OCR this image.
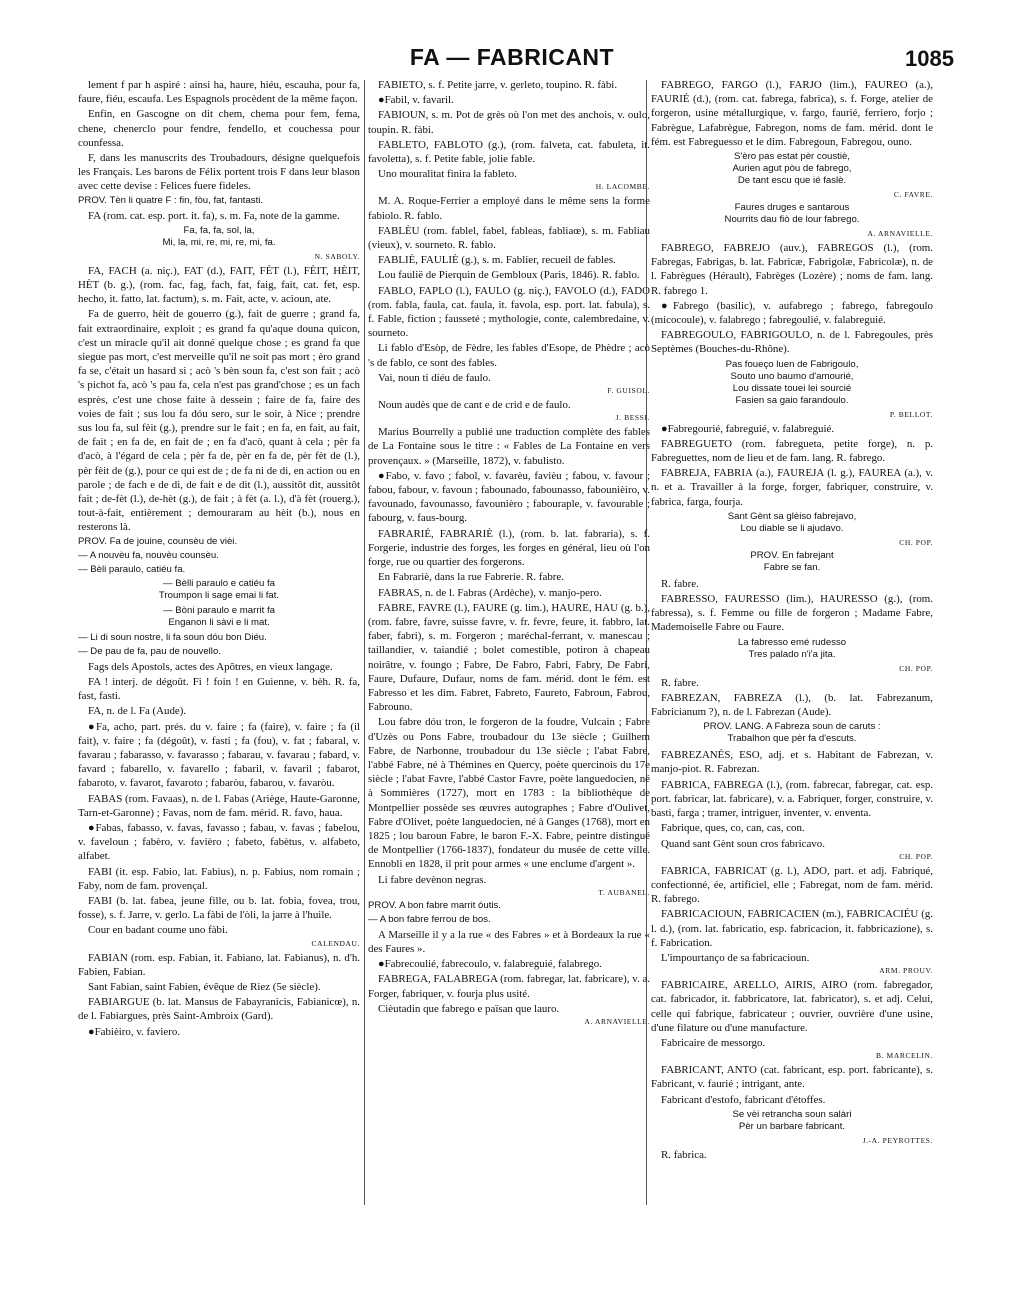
FA — FABRICANT	1085

lement f par h aspiré : ainsi ha, haure, hiéu, escauha, pour fa, faure, fiéu, escaufa. Les Espagnols procèdent de la même façon.

Enfin, en Gascogne on dit chem, chema pour fem, fema, chene, chenerclo pour fendre, fendello, et couchessa pour counfessa.

F, dans les manuscrits des Troubadours, désigne quelquefois les Français. Les barons de Félix portent trois F dans leur blason avec cette devise : Felices fuere fideles.

PROV. Tèn li quatre F : fin, fòu, fat, fantasti.

FA (rom. cat. esp. port. it. fa), s. m. Fa, note de la gamme.

Fa, fa, fa, sol, la,
Mi, la, mi, re, mi, re, mi, fa.
N. SABOLY.

FA, FACH (a. niç.), FAT (d.), FAIT, FÈT (l.), FÈIT, HÈIT, HÈT (b. g.), (rom. fac, fag, fach, fat, faig, fait, cat. fet, esp. hecho, it. fatto, lat. factum), s. m. Fait, acte, v. acioun, ate.

Fa de guerro, hèit de gouerro (g.), fait de guerre ; grand fa, fait extraordinaire, exploit ; es grand fa qu'aque douna quicon, c'est un miracle qu'il ait donné quelque chose ; es grand fa que siegue pas mort, c'est merveille qu'il ne soit pas mort ; èro grand fa se, c'était un hasard si ; acò 's bèn soun fa, c'est son fait ; acò 's pichot fa, acò 's pau fa, cela n'est pas grand'chose ; es un fach esprès, c'est une chose faite à dessein ; faire de fa, faire des voies de fait ; sus lou fa dóu sero, sur le soir, à Nice ; prendre sus lou fa, sul fèit (g.), prendre sur le fait ; en fa, en fait, au fait, de fait ; en fa de, en fait de ; en fa d'acò, quant à cela ; pèr fa d'acò, à l'égard de cela ; pèr fa de, pèr en fa de, pèr fèt de (l.), pèr fèit de (g.), pour ce qui est de ; de fa ni de di, en action ou en parole ; de fach e de di, de fait e de dit (l.), aussitôt dit, aussitôt fait ; de-fèt (l.), de-hèt (g.), de fait ; à fèt (a. l.), d'à fèt (rouerg.), tout-à-fait, entièrement ; demouraram au hèit (b.), nous en resterons là.

PROV. Fa de jouine, counsèu de vièi.
— A nouvèu fa, nouvèu counsèu.
— Bèli paraulo, catiéu fa.
— Bèlli paraulo e catiéu fa
Troumpon li sage emai li fat.
— Bòni paraulo e marrit fa
Enganon li sàvi e li mat.
— Li di soun nostre, li fa soun dóu bon Diéu.
— De pau de fa, pau de nouvello.

Fags dels Apostols, actes des Apôtres, en vieux langage.

FA ! interj. de dégoût. Fi ! foin ! en Guienne, v. bèh. R. fa, fast, fasti.

FA, n. de l. Fa (Aude).

●Fa, acho, part. prés. du v. faire ; fa (faire), v. faire ; fa (il fait), v. faire ; fa (dégoût), v. fasti ; fa (fou), v. fat ; fabaral, v. favarau ; fabarasso, v. favarasso ; fabarau, v. favarau ; fabard, v. favard ; fabarello, v. favarello ; fabaril, v. favaril ; fabarot, fabaroto, v. favarot, favaroto ; fabaròu, fabarou, v. favaròu.

FABAS (rom. Favaas), n. de l. Fabas (Ariège, Haute-Garonne, Tarn-et-Garonne) ; Favas, nom de fam. mérid. R. favo, haua.

●Fabas, fabasso, v. favas, favasso ; fabau, v. favas ; fabelou, v. faveloun ; fabèro, v. favièro ; fabeto, fabètus, v. alfabeto, alfabet.

FABI (it. esp. Fabio, lat. Fabius), n. p. Fabius, nom romain ; Faby, nom de fam. provençal.

FABI (b. lat. fabea, jeune fille, ou b. lat. fobia, fovea, trou, fosse), s. f. Jarre, v. gerlo. La fàbi de l'òli, la jarre à l'huile.

Cour en badant coume uno fàbi.

CALENDAU.

FABIAN (rom. esp. Fabian, it. Fabiano, lat. Fabianus), n. d'h. Fabien, Fabian.

Sant Fabian, saint Fabien, évêque de Riez (5e siècle).

FABIARGUE (b. lat. Mansus de Fabayranicis, Fabianicœ), n. de l. Fabiargues, près Saint-Ambroix (Gard).

●Fabièiro, v. faviero.

FABIETO, s. f. Petite jarre, v. gerleto, toupino. R. fàbi.

●Fabil, v. favaril.

FABIOUN, s. m. Pot de grès où l'on met des anchois, v. oulo, toupin. R. fàbi.

FABLETO, FABLOTO (g.), (rom. falveta, cat. fabuleta, it. favoletta), s. f. Petite fable, jolie fable.

Uno mouralitat finira la fableto.

H. LACOMBE.

M. A. Roque-Ferrier a employé dans le même sens la forme fabiolo. R. fablo.

FABLÈU (rom. fablel, fabel, fableas, fabliaœ), s. m. Fabliau (vieux), v. sourneto. R. fablo.

FABLIÉ, FAULIÈ (g.), s. m. Fablier, recueil de fables.

Lou faulië de Pierquin de Gembloux (Paris, 1846). R. fablo.

FABLO, FAPLO (l.), FAULO (g. niç.), FAVOLO (d.), FADO (rom. fabla, faula, cat. faula, it. favola, esp. port. lat. fabula), s. f. Fable, fiction ; fausseté ; mythologie, conte, calembredaine, v. sourneto.

Li fablo d'Esòp, de Fèdre, les fables d'Esope, de Phèdre ; acò 's de fablo, ce sont des fables.

Vai, noun ti diéu de faulo.

F. GUISOL.

Noun audès que de cant e de crid e de faulo.

J. BESSI.

Marius Bourrelly a publié une traduction complète des fables de La Fontaine sous le titre : « Fables de La Fontaine en vers provençaux. » (Marseille, 1872), v. fabulisto.

●Fabo, v. favo ; fabol, v. favarèu, favièu ; fabou, v. favour ; fabou, fabour, v. favoun ; fabounado, fabounasso, fabounièiro, v. favounado, favounasso, favounièro ; fabouraple, v. favourable ; fabourg, v. faus-bourg.

FABRARIÉ, FABRARIÈ (l.), (rom. b. lat. fabraria), s. f. Forgerie, industrie des forges, les forges en général, lieu où l'on forge, rue ou quartier des forgerons.

En Fabrariè, dans la rue Fabrerie. R. fabre.

FABRAS, n. de l. Fabras (Ardèche), v. manjo-pero.

FABRE, FAVRE (l.), FAURE (g. lim.), HAURE, HAU (g. b.), (rom. fabre, favre, suisse favre, v. fr. fevre, feure, it. fabbro, lat. faber, fabri), s. m. Forgeron ; maréchal-ferrant, v. manescau ; taillandier, v. taiandié ; bolet comestible, potiron à chapeau noirâtre, v. foungo ; Fabre, De Fabro, Fabri, Fabry, De Fabri, Faure, Dufaure, Dufaur, noms de fam. mérid. dont le fém. est Fabresso et les dim. Fabret, Fabreto, Faureto, Fabroun, Fabrou, Fabrouno.

Lou fabre dóu tron, le forgeron de la foudre, Vulcain ; Fabre d'Uzès ou Pons Fabre, troubadour du 13e siècle ; Guilhem Fabre, de Narbonne, troubadour du 13e siècle ; l'abat Fabre, l'abbé Fabre, né à Thémines en Quercy, poète quercinois du 17e siècle ; l'abat Favre, l'abbé Castor Favre, poète languedocien, né à Sommières (1727), mort en 1783 : la bibliothèque de Montpellier possède ses œuvres autographes ; Fabre d'Oulivet, Fabre d'Olivet, poète languedocien, né à Ganges (1768), mort en 1825 ; lou baroun Fabre, le baron F.-X. Fabre, peintre distingué de Montpellier (1766-1837), fondateur du musée de cette ville. Ennobli en 1828, il prit pour armes « une enclume d'argent ».

Li fabre devènon negras.

T. AUBANEL.
PROV. A bon fabre marrit óutis.
— A bon fabre ferrou de bos.

A Marseille il y a la rue « des Fabres » et à Bordeaux la rue « des Faures ».

●Fabrecoulié, fabrecoulo, v. falabreguié, falabrego.

FABREGA, FALABREGA (rom. fabregar, lat. fabricare), v. a. Forger, fabriquer, v. fourja plus usité.

Cièutadin que fabrego e païsan que lauro.

A. ARNAVIELLE.

FABREGO, FARGO (l.), FARJO (lim.), FAUREO (a.), FAURIÉ (d.), (rom. cat. fabrega, fabrica), s. f. Forge, atelier de forgeron, usine métallurgique, v. fargo, faurié, ferriero, forjo ; Fabrègue, Lafabrègue, Fabregon, noms de fam. mérid. dont le fém. est Fabreguesso et le dim. Fabregoun, Fabregou, ouno.

S'èro pas estat pèr coustiè,
Aurien agut pòu de fabrego,
De tant escu que ié faslè.
C. FAVRE.
Faures druges e santarous
Nourrits dau fiò de lour fabrego.
A. ARNAVIELLE.

FABREGO, FABREJO (auv.), FABREGOS (l.), (rom. Fabregas, Fabrigas, b. lat. Fabricæ, Fabrigolæ, Fabricolæ), n. de l. Fabrègues (Hérault), Fabrèges (Lozère) ; noms de fam. lang. R. fabrego 1.

●Fabrego (basilic), v. aufabrego ; fabrego, fabregoulo (micocoule), v. falabrego ; fabregoulié, v. falabreguié.

FABREGOULO, FABRIGOULO, n. de l. Fabregoules, près Septèmes (Bouches-du-Rhône).

Pas foueço luen de Fabrigoulo,
Souto uno baumo d'amourié,
Lou dissate touei lei sourcié
Fasien sa gaio farandoulo.
P. BELLOT.

●Fabregourié, fabreguié, v. falabreguié.

FABREGUETO (rom. fabregueta, petite forge), n. p. Fabreguettes, nom de lieu et de fam. lang. R. fabrego.

FABREJA, FABRIA (a.), FAUREJA (l. g.), FAUREA (a.), v. n. et a. Travailler à la forge, forger, fabriquer, construire, v. fabrica, farga, fourja.

Sant Gènt sa glèiso fabrejavo,
Lou diable se li ajudavo.
CH. POP.
PROV. En fabrejant
Fabre se fan.

R. fabre.

FABRESSO, FAURESSO (lim.), HAURESSO (g.), (rom. fabressa), s. f. Femme ou fille de forgeron ; Madame Fabre, Mademoiselle Fabre ou Faure.

La fabresso emé rudesso
Tres palado n'i'a jita.
CH. POP.

R. fabre.

FABREZAN, FABREZA (l.), (b. lat. Fabrezanum, Fabricianum ?), n. de l. Fabrezan (Aude).

PROV. LANG. A Fabreza soun de caruts :
Trabalhon que pèr fa d'escuts.

FABREZANÉS, ESO, adj. et s. Habitant de Fabrezan, v. manjo-piot. R. Fabrezan.

FABRICA, FABREGA (l.), (rom. fabrecar, fabregar, cat. esp. port. fabricar, lat. fabricare), v. a. Fabriquer, forger, construire, v. basti, farga ; tramer, intriguer, inventer, v. enventa.

Fabrique, ques, co, can, cas, con.

Quand sant Gènt soun cros fabricavo.

CH. POP.

FABRICA, FABRICAT (g. l.), ADO, part. et adj. Fabriqué, confectionné, ée, artificiel, elle ; Fabregat, nom de fam. mérid. R. fabrego.

FABRICACIOUN, FABRICACIEN (m.), FABRICACIÉU (g. l. d.), (rom. lat. fabricatio, esp. fabricacion, it. fabbricazione), s. f. Fabrication.

L'impourtanço de sa fabricacioun.

ARM. PROUV.

FABRICAIRE, ARELLO, AIRIS, AIRO (rom. fabregador, cat. fabricador, it. fabbricatore, lat. fabricator), s. et adj. Celui, celle qui fabrique, fabricateur ; ouvrier, ouvrière d'une usine, d'une filature ou d'une manufacture.

Fabricaire de messorgo.

B. MARCELIN.

FABRICANT, ANTO (cat. fabricant, esp. port. fabricante), s. Fabricant, v. faurié ; intrigant, ante.

Fabricant d'estofo, fabricant d'étoffes.

Se vèi retrancha soun salàri
Pèr un barbare fabricant.
J.-A. PEYROTTES.

R. fabrica.
